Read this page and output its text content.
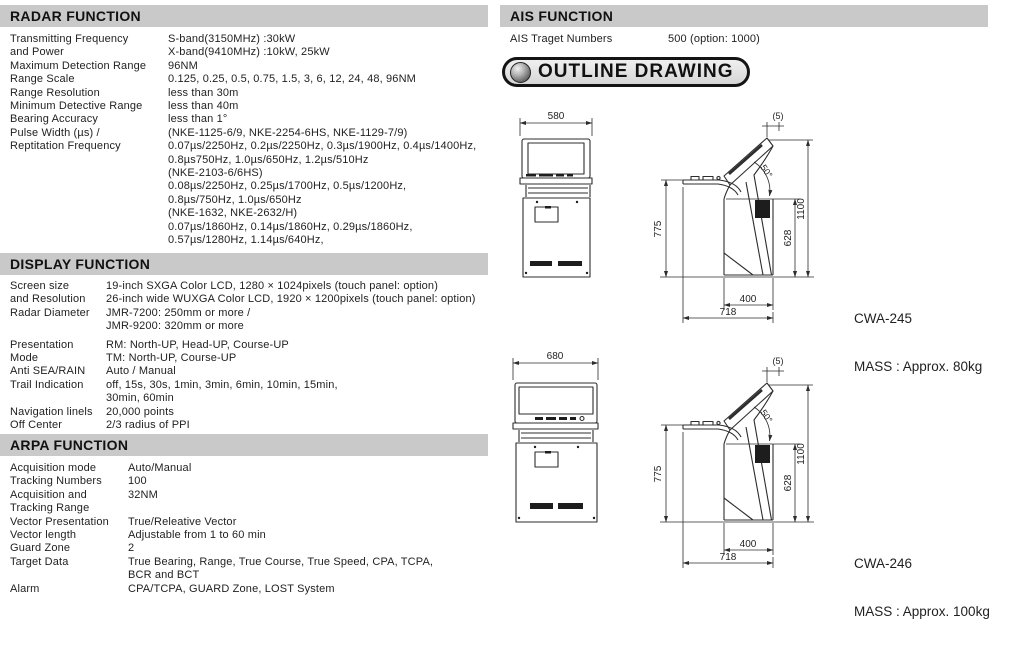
RADAR FUNCTION
Transmitting Frequency	S-band(3150MHz) :30kW
and Power	X-band(9410MHz) :10kW, 25kW
Maximum Detection Range	96NM
Range Scale	0.125, 0.25, 0.5, 0.75, 1.5, 3, 6, 12, 24, 48, 96NM
Range Resolution	less than 30m
Minimum Detective Range	less than 40m
Bearing Accuracy	less than 1°
Pulse Width (µs) /	(NKE-1125-6/9, NKE-2254-6HS, NKE-1129-7/9)
Reptitation Frequency	0.07µs/2250Hz, 0.2µs/2250Hz, 0.3µs/1900Hz, 0.4µs/1400Hz,
0.8µs750Hz, 1.0µs/650Hz, 1.2µs/510Hz
(NKE-2103-6/6HS)
0.08µs/2250Hz, 0.25µs/1700Hz, 0.5µs/1200Hz,
0.8µs/750Hz, 1.0µs/650Hz
(NKE-1632, NKE-2632/H)
0.07µs/1860Hz, 0.14µs/1860Hz, 0.29µs/1860Hz,
0.57µs/1280Hz, 1.14µs/640Hz,
DISPLAY FUNCTION
Screen size	19-inch SXGA Color LCD, 1280 × 1024pixels (touch panel: option)
and Resolution	26-inch wide WUXGA Color LCD, 1920 × 1200pixels (touch panel: option)
Radar Diameter	JMR-7200: 250mm or more /
JMR-9200: 320mm or more
Presentation	RM: North-UP, Head-UP, Course-UP
Mode	TM: North-UP, Course-UP
Anti SEA/RAIN	Auto / Manual
Trail Indication	off, 15s, 30s, 1min, 3min, 6min, 10min, 15min,
30min, 60min
Navigation linels	20,000 points
Off Center	2/3 radius of PPI
ARPA FUNCTION
Acquisition mode	Auto/Manual
Tracking Numbers	100
Acquisition and	32NM
Tracking Range
Vector Presentation	True/Releative Vector
Vector length	Adjustable from 1 to 60 min
Guard Zone	2
Target Data	True Bearing, Range, True Course, True Speed, CPA, TCPA,
BCR and BCT
Alarm	CPA/TCPA, GUARD Zone, LOST System
AIS FUNCTION
AIS Traget Numbers	500 (option: 1000)
OUTLINE DRAWING
580
775
1100
628
(5)
50°
400
718

	CWA-245

MASS : Approx. 80kg

680
775
1100
628
(5)
50°
400
718

	CWA-246

MASS : Approx. 100kg
